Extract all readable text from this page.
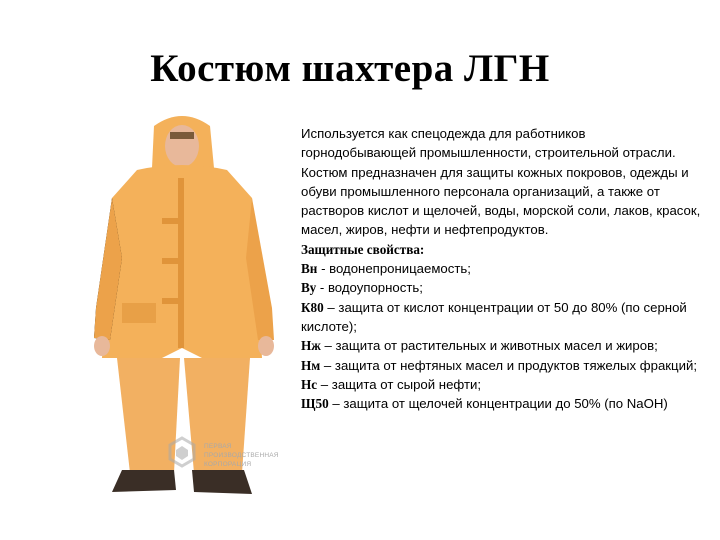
Костюм шахтера ЛГН
ПЕРВАЯ
ПРОИЗВОДСТВЕННАЯ
КОРПОРАЦИЯ

Используется как спецодежда для работников горнодобывающей промышленности, строительной отрасли. Костюм предназначен для защиты кожных покровов, одежды и обуви промышленного персонала организаций, а также от растворов кислот и щелочей, воды, морской соли, лаков, красок, масел, жиров, нефти и нефтепродуктов.

Защитные свойства:

Вн - водонепроницаемость;

Ву - водоупорность;

К80 – защита от кислот концентрации от 50 до 80% (по серной кислоте);

Нж – защита от растительных и животных масел и жиров;

Нм – защита от нефтяных масел и продуктов тяжелых фракций;

Нс – защита от сырой нефти;

Щ50 – защита от щелочей концентрации до 50% (по NaOH)
